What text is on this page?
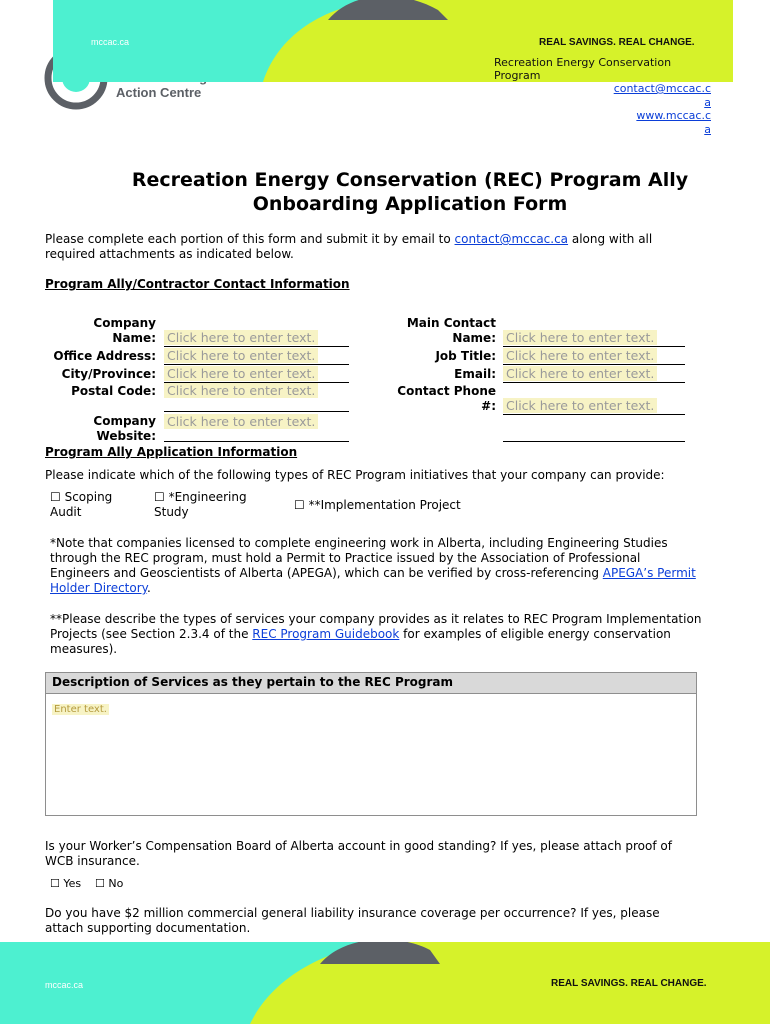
Action Centre
mccac.ca	REAL SAVINGS. REAL CHANGE.
Recreation Energy Conservation Program
contact@mccac.c
a
www.mccac.c
a
Recreation Energy Conservation (REC) Program Ally
Onboarding Application Form
Please complete each portion of this form and submit it by email to contact@mccac.ca along with all
required attachments as indicated below.
Program Ally/Contractor Contact Information
Company
Name: Click here to enter text.
Office Address: Click here to enter text.
City/Province: Click here to enter text.
Postal Code: Click here to enter text.
Company
Website:
Click here to enter text.
Main Contact
Name: Click here to enter text.
Job Title: Click here to enter text.
Email: Click here to enter text.
Contact Phone
#: Click here to enter text.
Program Ally Application Information
Please indicate which of the following types of REC Program initiatives that your company can provide:
☐ Scoping
Audit
☐ *Engineering
Study	☐ **Implementation Project
*Note that companies licensed to complete engineering work in Alberta, including Engineering Studies
through the REC program, must hold a Permit to Practice issued by the Association of Professional
Engineers and Geoscientists of Alberta (APEGA), which can be verified by cross-referencing APEGA’s Permit
Holder Directory.
**Please describe the types of services your company provides as it relates to REC Program Implementation
Projects (see Section 2.3.4 of the REC Program Guidebook for examples of eligible energy conservation
measures).
Description of Services as they pertain to the REC Program
Enter text.
Is your Worker’s Compensation Board of Alberta account in good standing? If yes, please attach proof of
WCB insurance.
☐ Yes ☐ No
Do you have $2 million commercial general liability insurance coverage per occurrence? If yes, please
attach supporting documentation.
mccac.ca	REAL SAVINGS. REAL CHANGE.
